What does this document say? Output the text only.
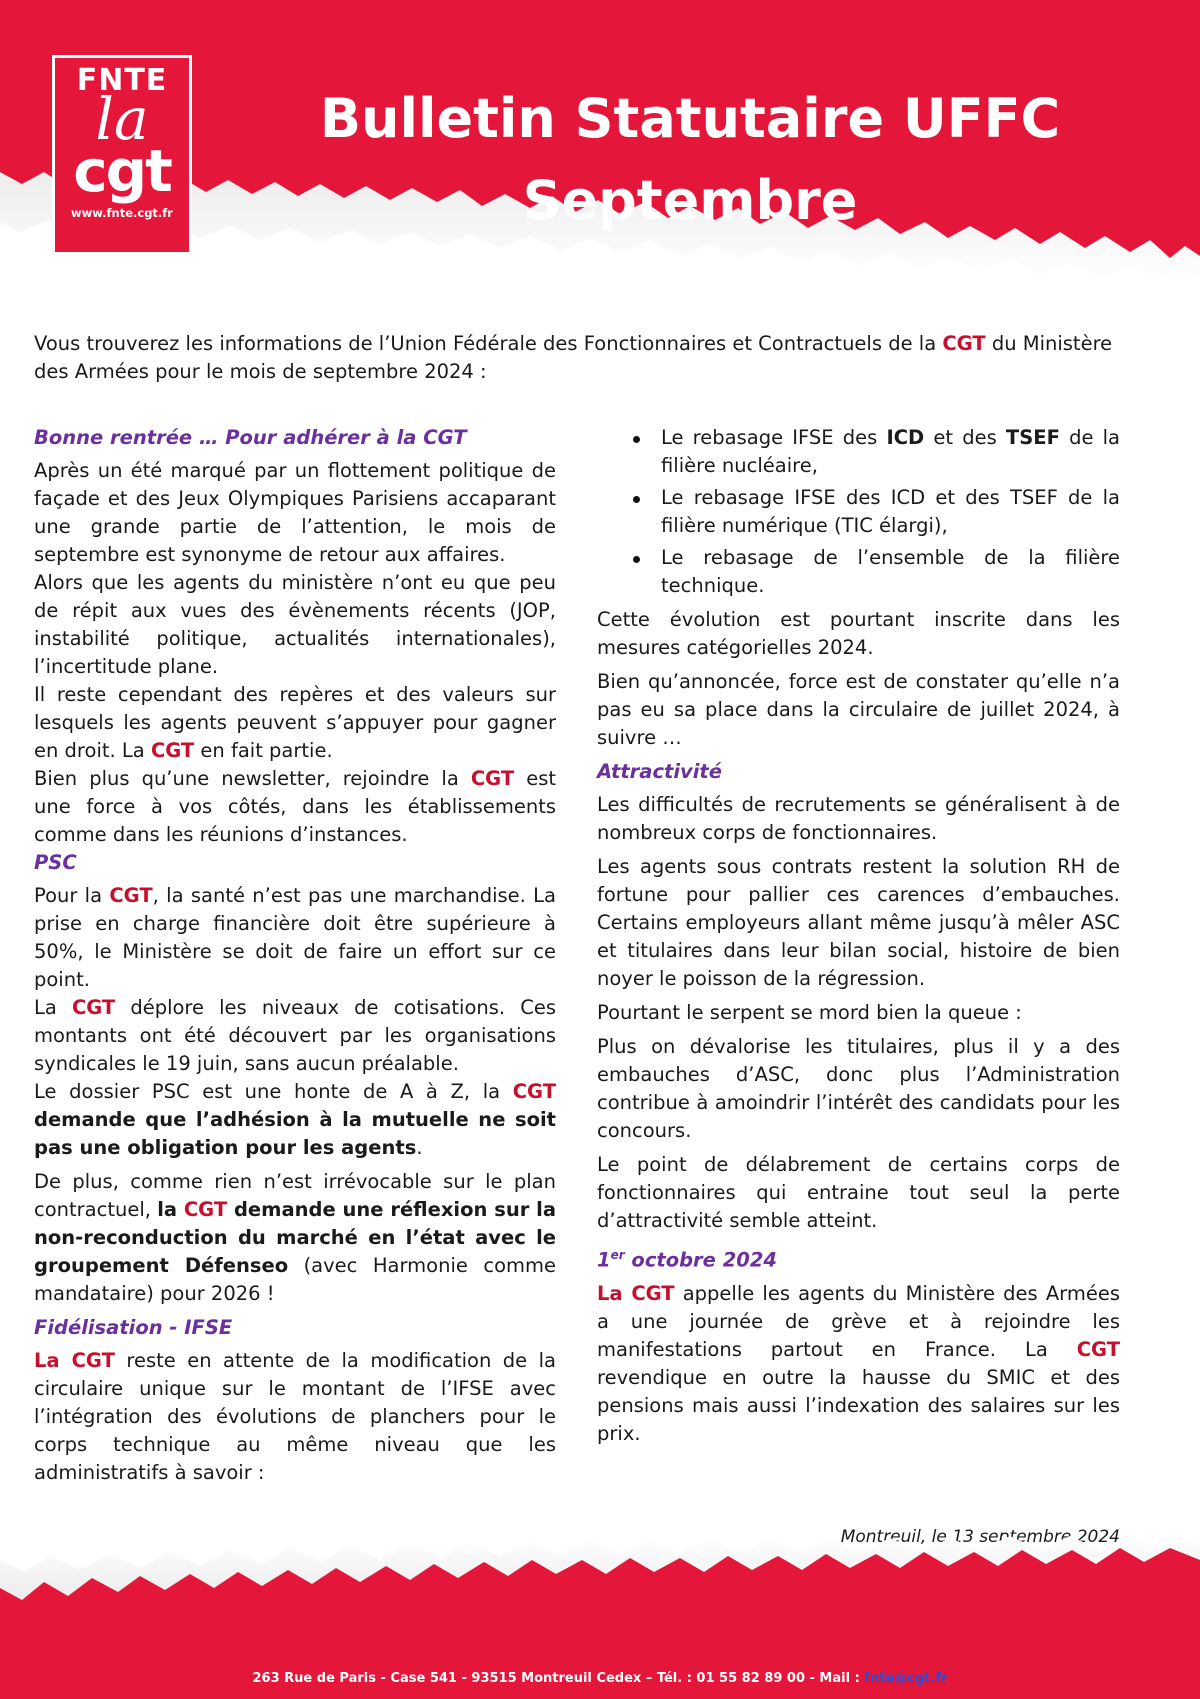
FNTE
la
cgt
www.fnte.cgt.fr
Bulletin Statutaire UFFC
Septembre
Vous trouverez les informations de l’Union Fédérale des Fonctionnaires et Contractuels de la CGT du Ministère des Armées pour le mois de septembre 2024 :
Bonne rentrée … Pour adhérer à la CGT

Après un été marqué par un flottement politique de façade et des Jeux Olympiques Parisiens accaparant une grande partie de l’attention, le mois de septembre est synonyme de retour aux affaires.

Alors que les agents du ministère n’ont eu que peu de répit aux vues des évènements récents (JOP, instabilité politique, actualités internationales), l’incertitude plane.

Il reste cependant des repères et des valeurs sur lesquels les agents peuvent s’appuyer pour gagner en droit. La CGT en fait partie.

Bien plus qu’une newsletter, rejoindre la CGT est une force à vos côtés, dans les établissements comme dans les réunions d’instances.

PSC

Pour la CGT, la santé n’est pas une marchandise. La prise en charge financière doit être supérieure à 50%, le Ministère se doit de faire un effort sur ce point.

La CGT déplore les niveaux de cotisations. Ces montants ont été découvert par les organisations syndicales le 19 juin, sans aucun préalable.

Le dossier PSC est une honte de A à Z, la CGT demande que l’adhésion à la mutuelle ne soit pas une obligation pour les agents.

De plus, comme rien n’est irrévocable sur le plan contractuel, la CGT demande une réflexion sur la non-reconduction du marché en l’état avec le groupement Défenseo (avec Harmonie comme mandataire) pour 2026 !

Fidélisation - IFSE

La CGT reste en attente de la modification de la circulaire unique sur le montant de l’IFSE avec l’intégration des évolutions de planchers pour le corps technique au même niveau que les administratifs à savoir :

Le rebasage IFSE des ICD et des TSEF de la filière nucléaire,
Le rebasage IFSE des ICD et des TSEF de la filière numérique (TIC élargi),
Le rebasage de l’ensemble de la filière technique.

Cette évolution est pourtant inscrite dans les mesures catégorielles 2024.

Bien qu’annoncée, force est de constater qu’elle n’a pas eu sa place dans la circulaire de juillet 2024, à suivre …

Attractivité

Les difficultés de recrutements se généralisent à de nombreux corps de fonctionnaires.

Les agents sous contrats restent la solution RH de fortune pour pallier ces carences d’embauches. Certains employeurs allant même jusqu’à mêler ASC et titulaires dans leur bilan social, histoire de bien noyer le poisson de la régression.

Pourtant le serpent se mord bien la queue :

Plus on dévalorise les titulaires, plus il y a des embauches d’ASC, donc plus l’Administration contribue à amoindrir l’intérêt des candidats pour les concours.

Le point de délabrement de certains corps de fonctionnaires qui entraine tout seul la perte d’attractivité semble atteint.

1er octobre 2024

La CGT appelle les agents du Ministère des Armées a une journée de grève et à rejoindre les manifestations partout en France. La CGT revendique en outre la hausse du SMIC et des pensions mais aussi l’indexation des salaires sur les prix.

Montreuil, le 13 septembre 2024
263 Rue de Paris - Case 541 - 93515 Montreuil Cedex – Tél. : 01 55 82 89 00 - Mail : fnte@cgt.fr
